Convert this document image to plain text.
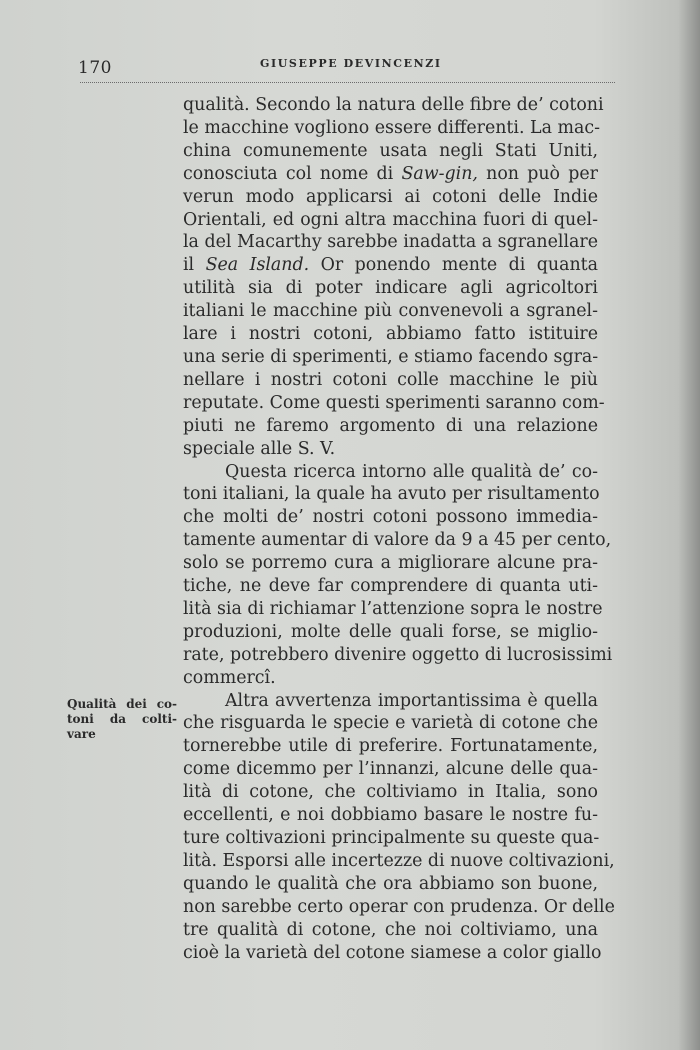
170	GIUSEPPE DEVINCENZI
Qualità dei co-
toni da colti-
vare
qualità. Secondo la natura delle fibre de’ cotoni
le macchine vogliono essere differenti. La mac-
china comunemente usata negli Stati Uniti,
conosciuta col nome di Saw-gin, non può per
verun modo applicarsi ai cotoni delle Indie
Orientali, ed ogni altra macchina fuori di quel-
la del Macarthy sarebbe inadatta a sgranellare
il Sea Island. Or ponendo mente di quanta
utilità sia di poter indicare agli agricoltori
italiani le macchine più convenevoli a sgranel-
lare i nostri cotoni, abbiamo fatto istituire
una serie di sperimenti, e stiamo facendo sgra-
nellare i nostri cotoni colle macchine le più
reputate. Come questi sperimenti saranno com-
piuti ne faremo argomento di una relazione
speciale alle S. V.
Questa ricerca intorno alle qualità de’ co-
toni italiani, la quale ha avuto per risultamento
che molti de’ nostri cotoni possono immedia-
tamente aumentar di valore da 9 a 45 per cento,
solo se porremo cura a migliorare alcune pra-
tiche, ne deve far comprendere di quanta uti-
lità sia di richiamar l’attenzione sopra le nostre
produzioni, molte delle quali forse, se miglio-
rate, potrebbero divenire oggetto di lucrosissimi
commercî.
Altra avvertenza importantissima è quella
che risguarda le specie e varietà di cotone che
tornerebbe utile di preferire. Fortunatamente,
come dicemmo per l’innanzi, alcune delle qua-
lità di cotone, che coltiviamo in Italia, sono
eccellenti, e noi dobbiamo basare le nostre fu-
ture coltivazioni principalmente su queste qua-
lità. Esporsi alle incertezze di nuove coltivazioni,
quando le qualità che ora abbiamo son buone,
non sarebbe certo operar con prudenza. Or delle
tre qualità di cotone, che noi coltiviamo, una
cioè la varietà del cotone siamese a color giallo
